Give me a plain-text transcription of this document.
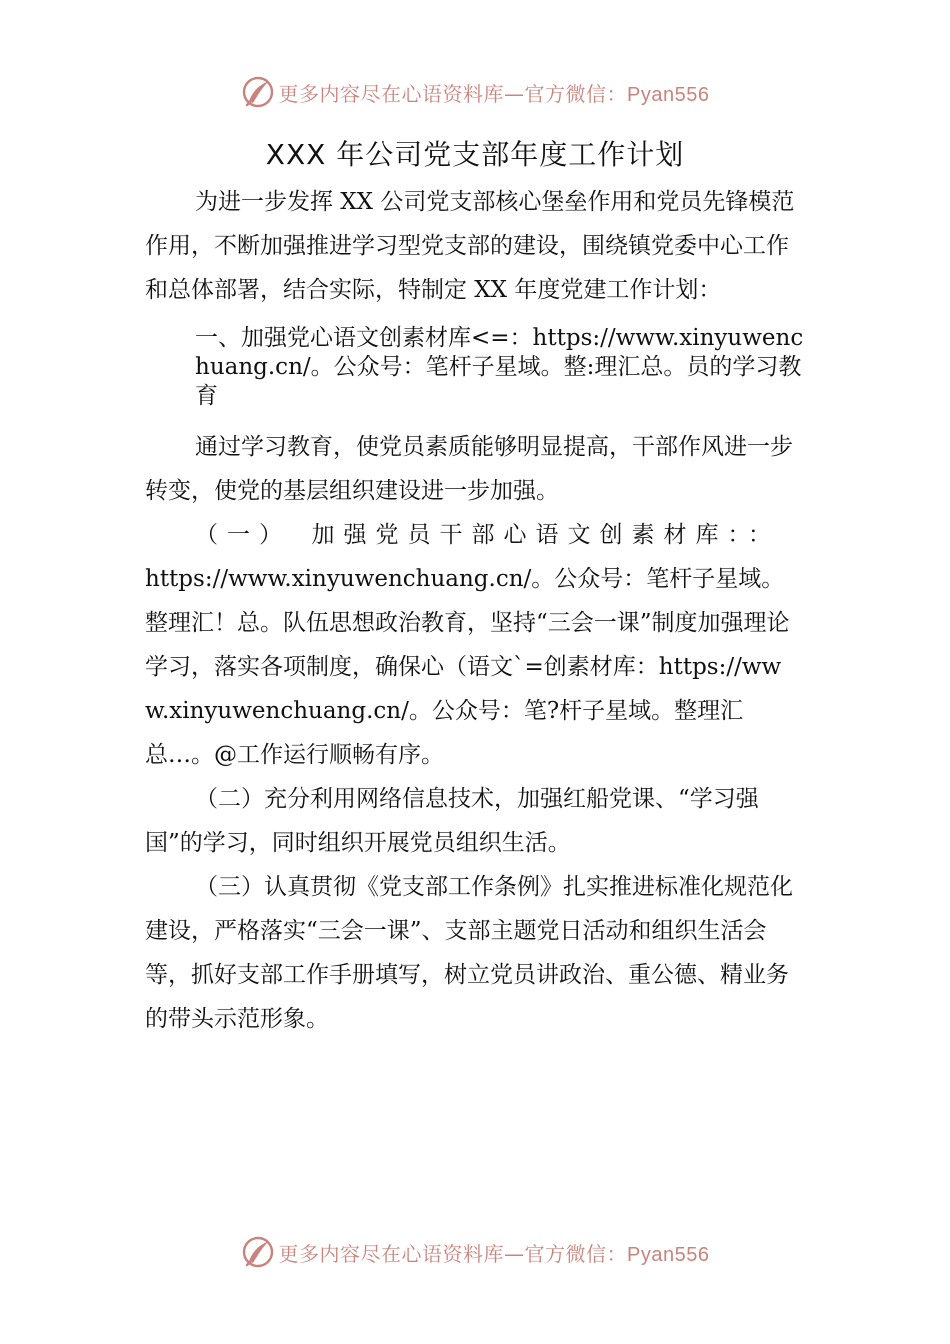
更多内容尽在心语资料库—官方微信：Pyan556
XXX 年公司党支部年度工作计划

为进一步发挥 XX 公司党支部核心堡垒作用和党员先锋模范作用，不断加强推进学习型党支部的建设，围绕镇党委中心工作和总体部署，结合实际，特制定 XX 年度党建工作计划：

一、加强党心语文创素材库<=：https://www.xinyuwenchuang.cn/。公众号：笔杆子星域。整:理汇总。员的学习教育

通过学习教育，使党员素质能够明显提高，干部作风进一步转变，使党的基层组织建设进一步加强。

（一）　加强党员干部心语文创素材库：：

https://www.xinyuwenchuang.cn/。公众号：笔杆子星域。整理汇！总。队伍思想政治教育，坚持“三会一课”制度加强理论学习，落实各项制度，确保心（语文`=创素材库：https://www.xinyuwenchuang.cn/。公众号：笔?杆子星域。整理汇总…。@工作运行顺畅有序。

（二）充分利用网络信息技术，加强红船党课、“学习强国”的学习，同时组织开展党员组织生活。

（三）认真贯彻《党支部工作条例》扎实推进标准化规范化建设，严格落实“三会一课”、支部主题党日活动和组织生活会等，抓好支部工作手册填写，树立党员讲政治、重公德、精业务的带头示范形象。

更多内容尽在心语资料库—官方微信：Pyan556
